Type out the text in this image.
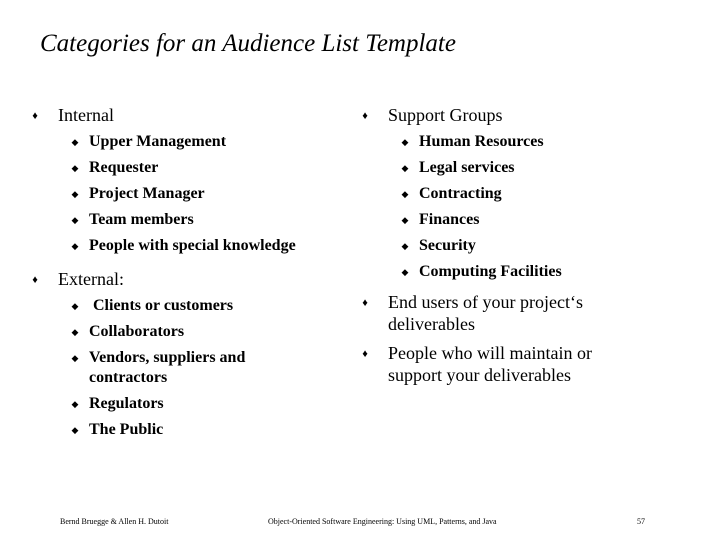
Categories for an Audience List Template
♦ Internal
◆ Upper Management
◆ Requester
◆ Project Manager
◆ Team members
◆ People with special knowledge
♦ External:
◆ Clients or customers
◆ Collaborators
◆ Vendors, suppliers and contractors
◆ Regulators
◆ The Public
♦ Support Groups
◆ Human Resources
◆ Legal services
◆ Contracting
◆ Finances
◆ Security
◆ Computing Facilities
♦ End users of your project‘s deliverables
♦ People who will maintain or support your deliverables
Bernd Bruegge & Allen H. Dutoit	Object-Oriented Software Engineering: Using UML, Patterns, and Java	57
